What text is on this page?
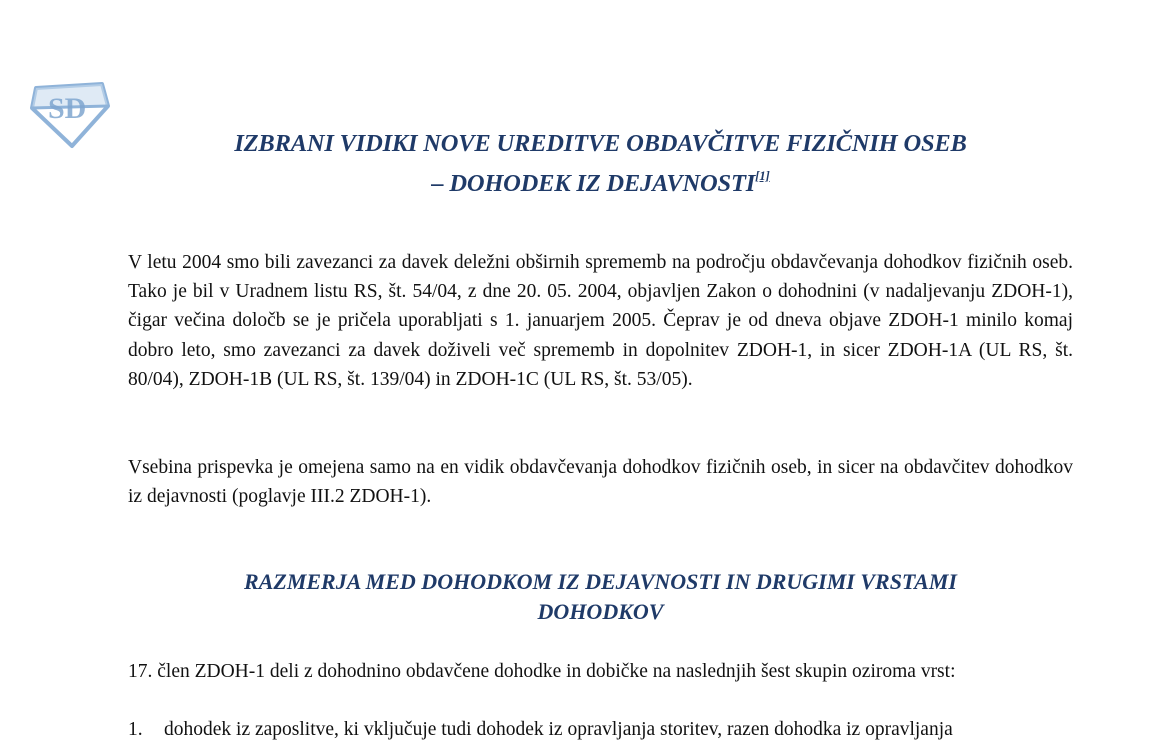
SD
IZBRANI VIDIKI NOVE UREDITVE OBDAVČITVE FIZIČNIH OSEB
– DOHODEK IZ DEJAVNOSTI[1]
V letu 2004 smo bili zavezanci za davek deležni obširnih sprememb na področju obdavčevanja dohodkov fizičnih oseb. Tako je bil v Uradnem listu RS, št. 54/04, z dne 20. 05. 2004, objavljen Zakon o dohodnini (v nadaljevanju ZDOH-1), čigar večina določb se je pričela uporabljati s 1. januarjem 2005. Čeprav je od dneva objave ZDOH-1 minilo komaj dobro leto, smo zavezanci za davek doživeli več sprememb in dopolnitev ZDOH-1, in sicer ZDOH-1A (UL RS, št. 80/04), ZDOH-1B (UL RS, št. 139/04) in ZDOH-1C (UL RS, št. 53/05).
Vsebina prispevka je omejena samo na en vidik obdavčevanja dohodkov fizičnih oseb, in sicer na obdavčitev dohodkov iz dejavnosti (poglavje III.2 ZDOH-1).
RAZMERJA MED DOHODKOM IZ DEJAVNOSTI IN DRUGIMI VRSTAMI
DOHODKOV
17. člen ZDOH-1 deli z dohodnino obdavčene dohodke in dobičke na naslednjih šest skupin oziroma vrst:
1. dohodek iz zaposlitve, ki vključuje tudi dohodek iz opravljanja storitev, razen dohodka iz opravljanja
